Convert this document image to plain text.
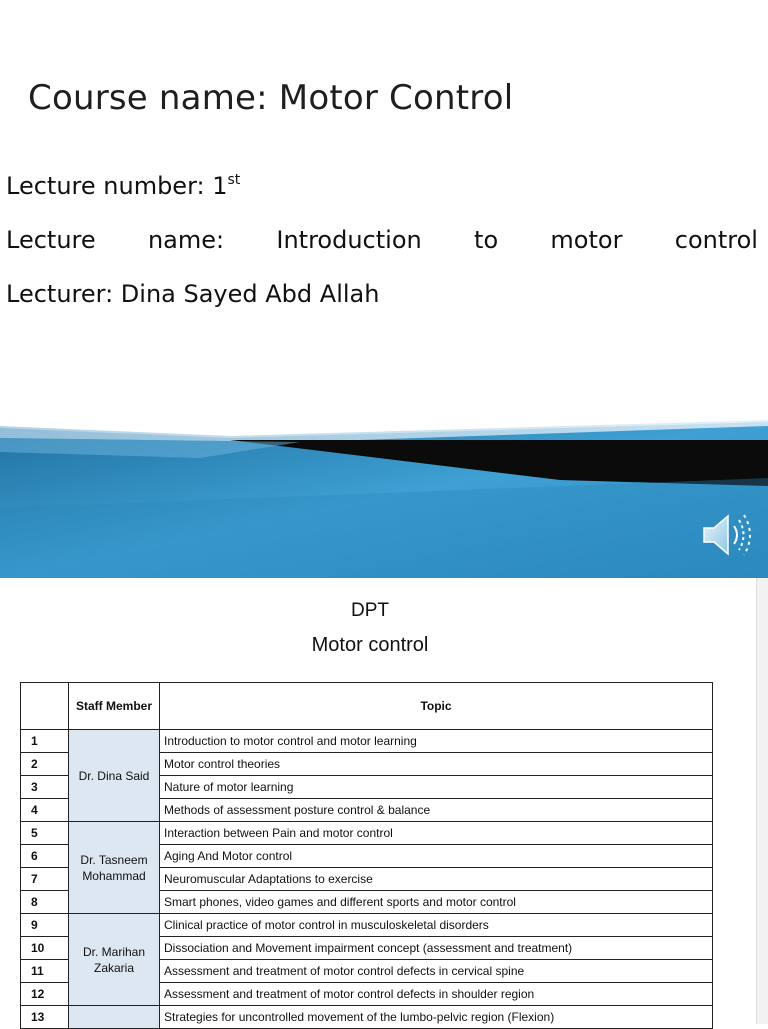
Course name: Motor Control
Lecture number: 1st
Lecture name: Introduction to motor control
Lecturer: Dina Sayed Abd Allah
DPT
Motor control
	Staff Member	Topic
1	Dr. Dina Said	Introduction to motor control and motor learning
2		Motor control theories
3		Nature of motor learning
4		Methods of assessment posture control & balance
5	Dr. Tasneem Mohammad	Interaction between Pain and motor control
6		Aging And Motor control
7		Neuromuscular Adaptations to exercise
8		Smart phones, video games and different sports and motor control
9	Dr. Marihan Zakaria	Clinical practice of motor control in musculoskeletal disorders
10		Dissociation and Movement impairment concept (assessment and treatment)
11		Assessment and treatment of motor control defects in cervical spine
12		Assessment and treatment of motor control defects in shoulder region
13		Strategies for uncontrolled movement of the lumbo-pelvic region (Flexion)
